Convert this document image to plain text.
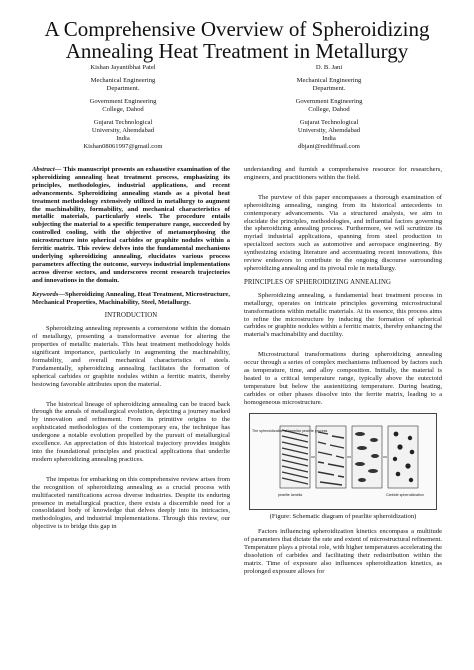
A Comprehensive Overview of Spheroidizing
Annealing Heat Treatment in Metallurgy

Kishan Jayantibhai Patel

Mechanical Engineering

Department.

Government Engineering

College, Dahod

Gujarat Technological

University, Ahemdabad

India

Kishan08061997@gmail.com

D. B. Jani

Mechanical Engineering

Department.

Government Engineering

College, Dahod

Gujarat Technological

University, Ahemdabad

India

dbjani@rediffmail.com

Abstract— This manuscript presents an exhaustive examination of the spheroidizing annealing heat treatment process, emphasizing its principles, methodologies, industrial applications, and recent advancements. Spheroidizing annealing stands as a pivotal heat treatment methodology extensively utilized in metallurgy to augment the machinability, formability, and mechanical characteristics of metallic materials, particularly steels. The procedure entails subjecting the material to a specific temperature range, succeeded by controlled cooling, with the objective of metamorphosing the microstructure into spherical carbides or graphite nodules within a ferritic matrix. This review delves into the fundamental mechanisms underlying spheroidizing annealing, elucidates various process parameters affecting the outcome, surveys industrial implementations across diverse sectors, and underscores recent research trajectories and innovations in the domain.

Keywords—Spheroidizing Annealing, Heat Treatment, Microstructure, Mechanical Properties, Machinability, Steel, Metallurgy.

INTRODUCTION

Spheroidizing annealing represents a cornerstone within the domain of metallurgy, presenting a transformative avenue for altering the properties of metallic materials. This heat treatment methodology holds significant importance, particularly in augmenting the machinability, formability, and overall mechanical characteristics of steels. Fundamentally, spheroidizing annealing facilitates the formation of spherical carbides or graphite nodules within a ferritic matrix, thereby bestowing favorable attributes upon the material.

The historical lineage of spheroidizing annealing can be traced back through the annals of metallurgical evolution, depicting a journey marked by innovation and refinement. From its primitive origins to the sophisticated methodologies of the contemporary era, the technique has undergone a notable evolution propelled by the pursuit of metallurgical excellence. An appreciation of this historical trajectory provides insights into the foundational principles and practical applications that underlie modern spheroidizing annealing practices.

The impetus for embarking on this comprehensive review arises from the recognition of spheroidizing annealing as a crucial process with multifaceted ramifications across diverse industries. Despite its enduring presence in metallurgical practice, there exists a discernible need for a consolidated body of knowledge that delves deeply into its intricacies, methodologies, and industrial implementations. Through this review, our objective is to bridge this gap in

understanding and furnish a comprehensive resource for researchers, engineers, and practitioners within the field.

The purview of this paper encompasses a thorough examination of spheroidizing annealing, ranging from its historical antecedents to contemporary advancements. Via a structured analysis, we aim to elucidate the principles, methodologies, and influential factors governing the spheroidizing annealing process. Furthermore, we will scrutinize its myriad industrial applications, spanning from steel production to specialized sectors such as automotive and aerospace engineering. By synthesizing existing literature and accentuating recent innovations, this review endeavors to contribute to the ongoing discourse surrounding spheroidizing annealing and its pivotal role in metallurgy.

PRINCIPLES OF SPHEROIDIZING ANNEALING

Spheroidizing annealing, a fundamental heat treatment process in metallurgy, operates on intricate principles governing microstructural transformations within metallic materials. At its essence, this process aims to refine the microstructure by inducing the formation of spherical carbides or graphite nodules within a ferritic matrix, thereby enhancing the material's machinability and ductility.

Microstructural transformations during spheroidizing annealing occur through a series of complex mechanisms influenced by factors such as temperature, time, and alloy composition. Initially, the material is heated to a critical temperature range, typically above the eutectoid temperature but below the austenitizing temperature. During heating, carbides or other phases dissolve into the ferrite matrix, leading to a homogeneous microstructure.

The spheroidization of lamellar pearlite process
pearlite lamella	Carbide spheroidization
(Figure: Schematic diagram of pearlite spheroidization)

Factors influencing spheroidization kinetics encompass a multitude of parameters that dictate the rate and extent of microstructural refinement. Temperature plays a pivotal role, with higher temperatures accelerating the dissolution of carbides and facilitating their redistribution within the matrix. Time of exposure also influences spheroidization kinetics, as prolonged exposure allows for
